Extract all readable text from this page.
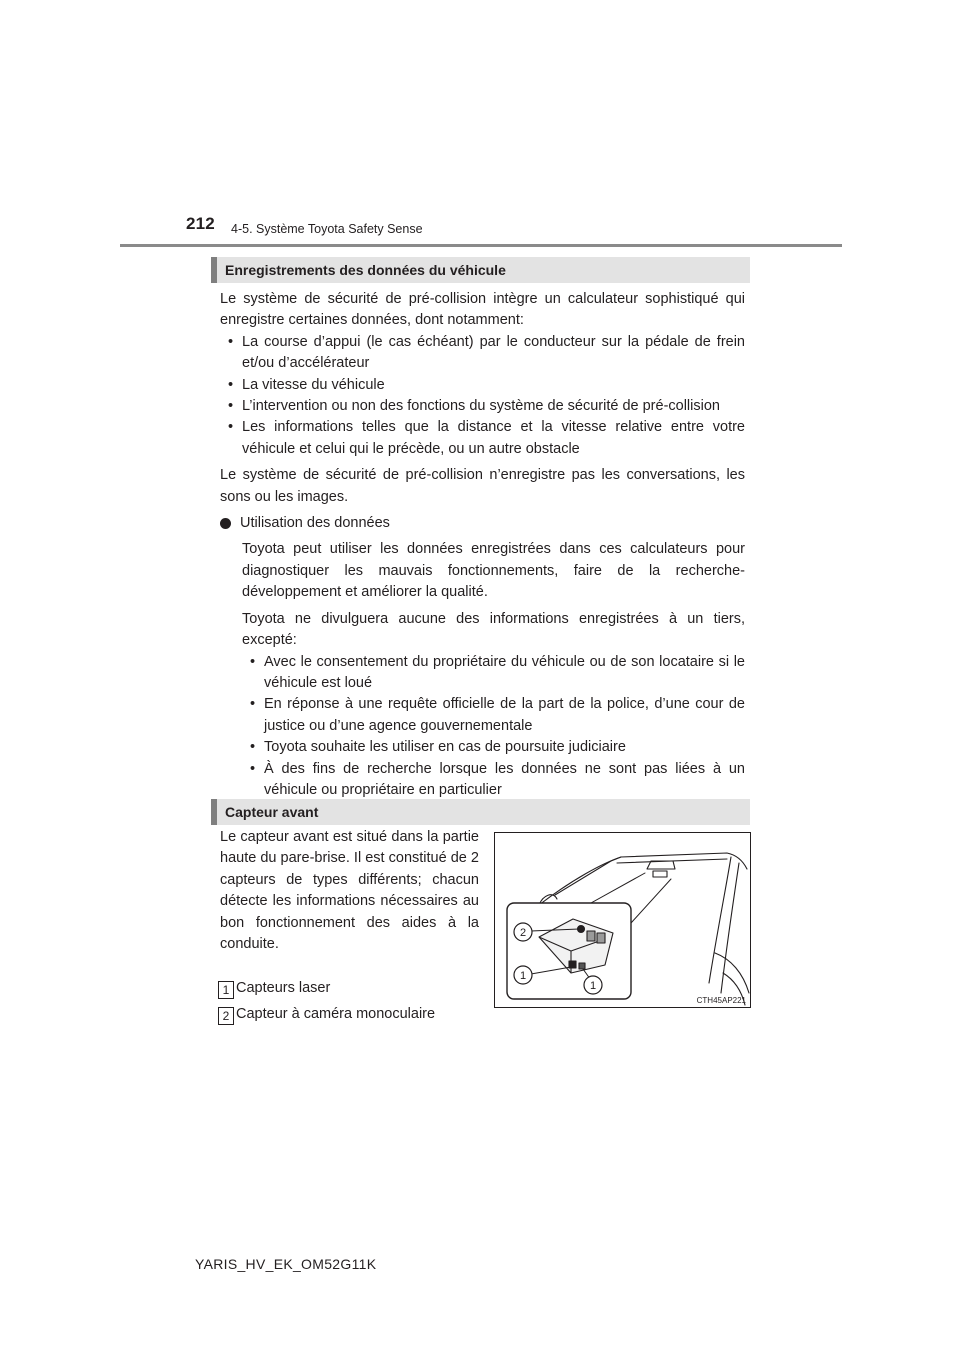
212 4-5. Système Toyota Safety Sense
Enregistrements des données du véhicule
Le système de sécurité de pré-collision intègre un calculateur sophistiqué qui enregistre certaines données, dont notamment:
• La course d’appui (le cas échéant) par le conducteur sur la pédale de frein et/ou d’accélérateur
• La vitesse du véhicule
• L’intervention ou non des fonctions du système de sécurité de pré-collision
• Les informations telles que la distance et la vitesse relative entre votre véhicule et celui qui le précède, ou un autre obstacle
Le système de sécurité de pré-collision n’enregistre pas les conversations, les sons ou les images.
Utilisation des données
Toyota peut utiliser les données enregistrées dans ces calculateurs pour diagnostiquer les mauvais fonctionnements, faire de la recherche-développement et améliorer la qualité.
Toyota ne divulguera aucune des informations enregistrées à un tiers, excepté:
• Avec le consentement du propriétaire du véhicule ou de son locataire si le véhicule est loué
• En réponse à une requête officielle de la part de la police, d’une cour de justice ou d’une agence gouvernementale
• Toyota souhaite les utiliser en cas de poursuite judiciaire
• À des fins de recherche lorsque les données ne sont pas liées à un véhicule ou propriétaire en particulier
Capteur avant
Le capteur avant est situé dans la partie haute du pare-brise. Il est constitué de 2 capteurs de types différents; chacun détecte les informations nécessaires au bon fonctionnement des aides à la conduite.
1 Capteurs laser
2 Capteur à caméra monoculaire
2
1
1
CTH45AP221
YARIS_HV_EK_OM52G11K
